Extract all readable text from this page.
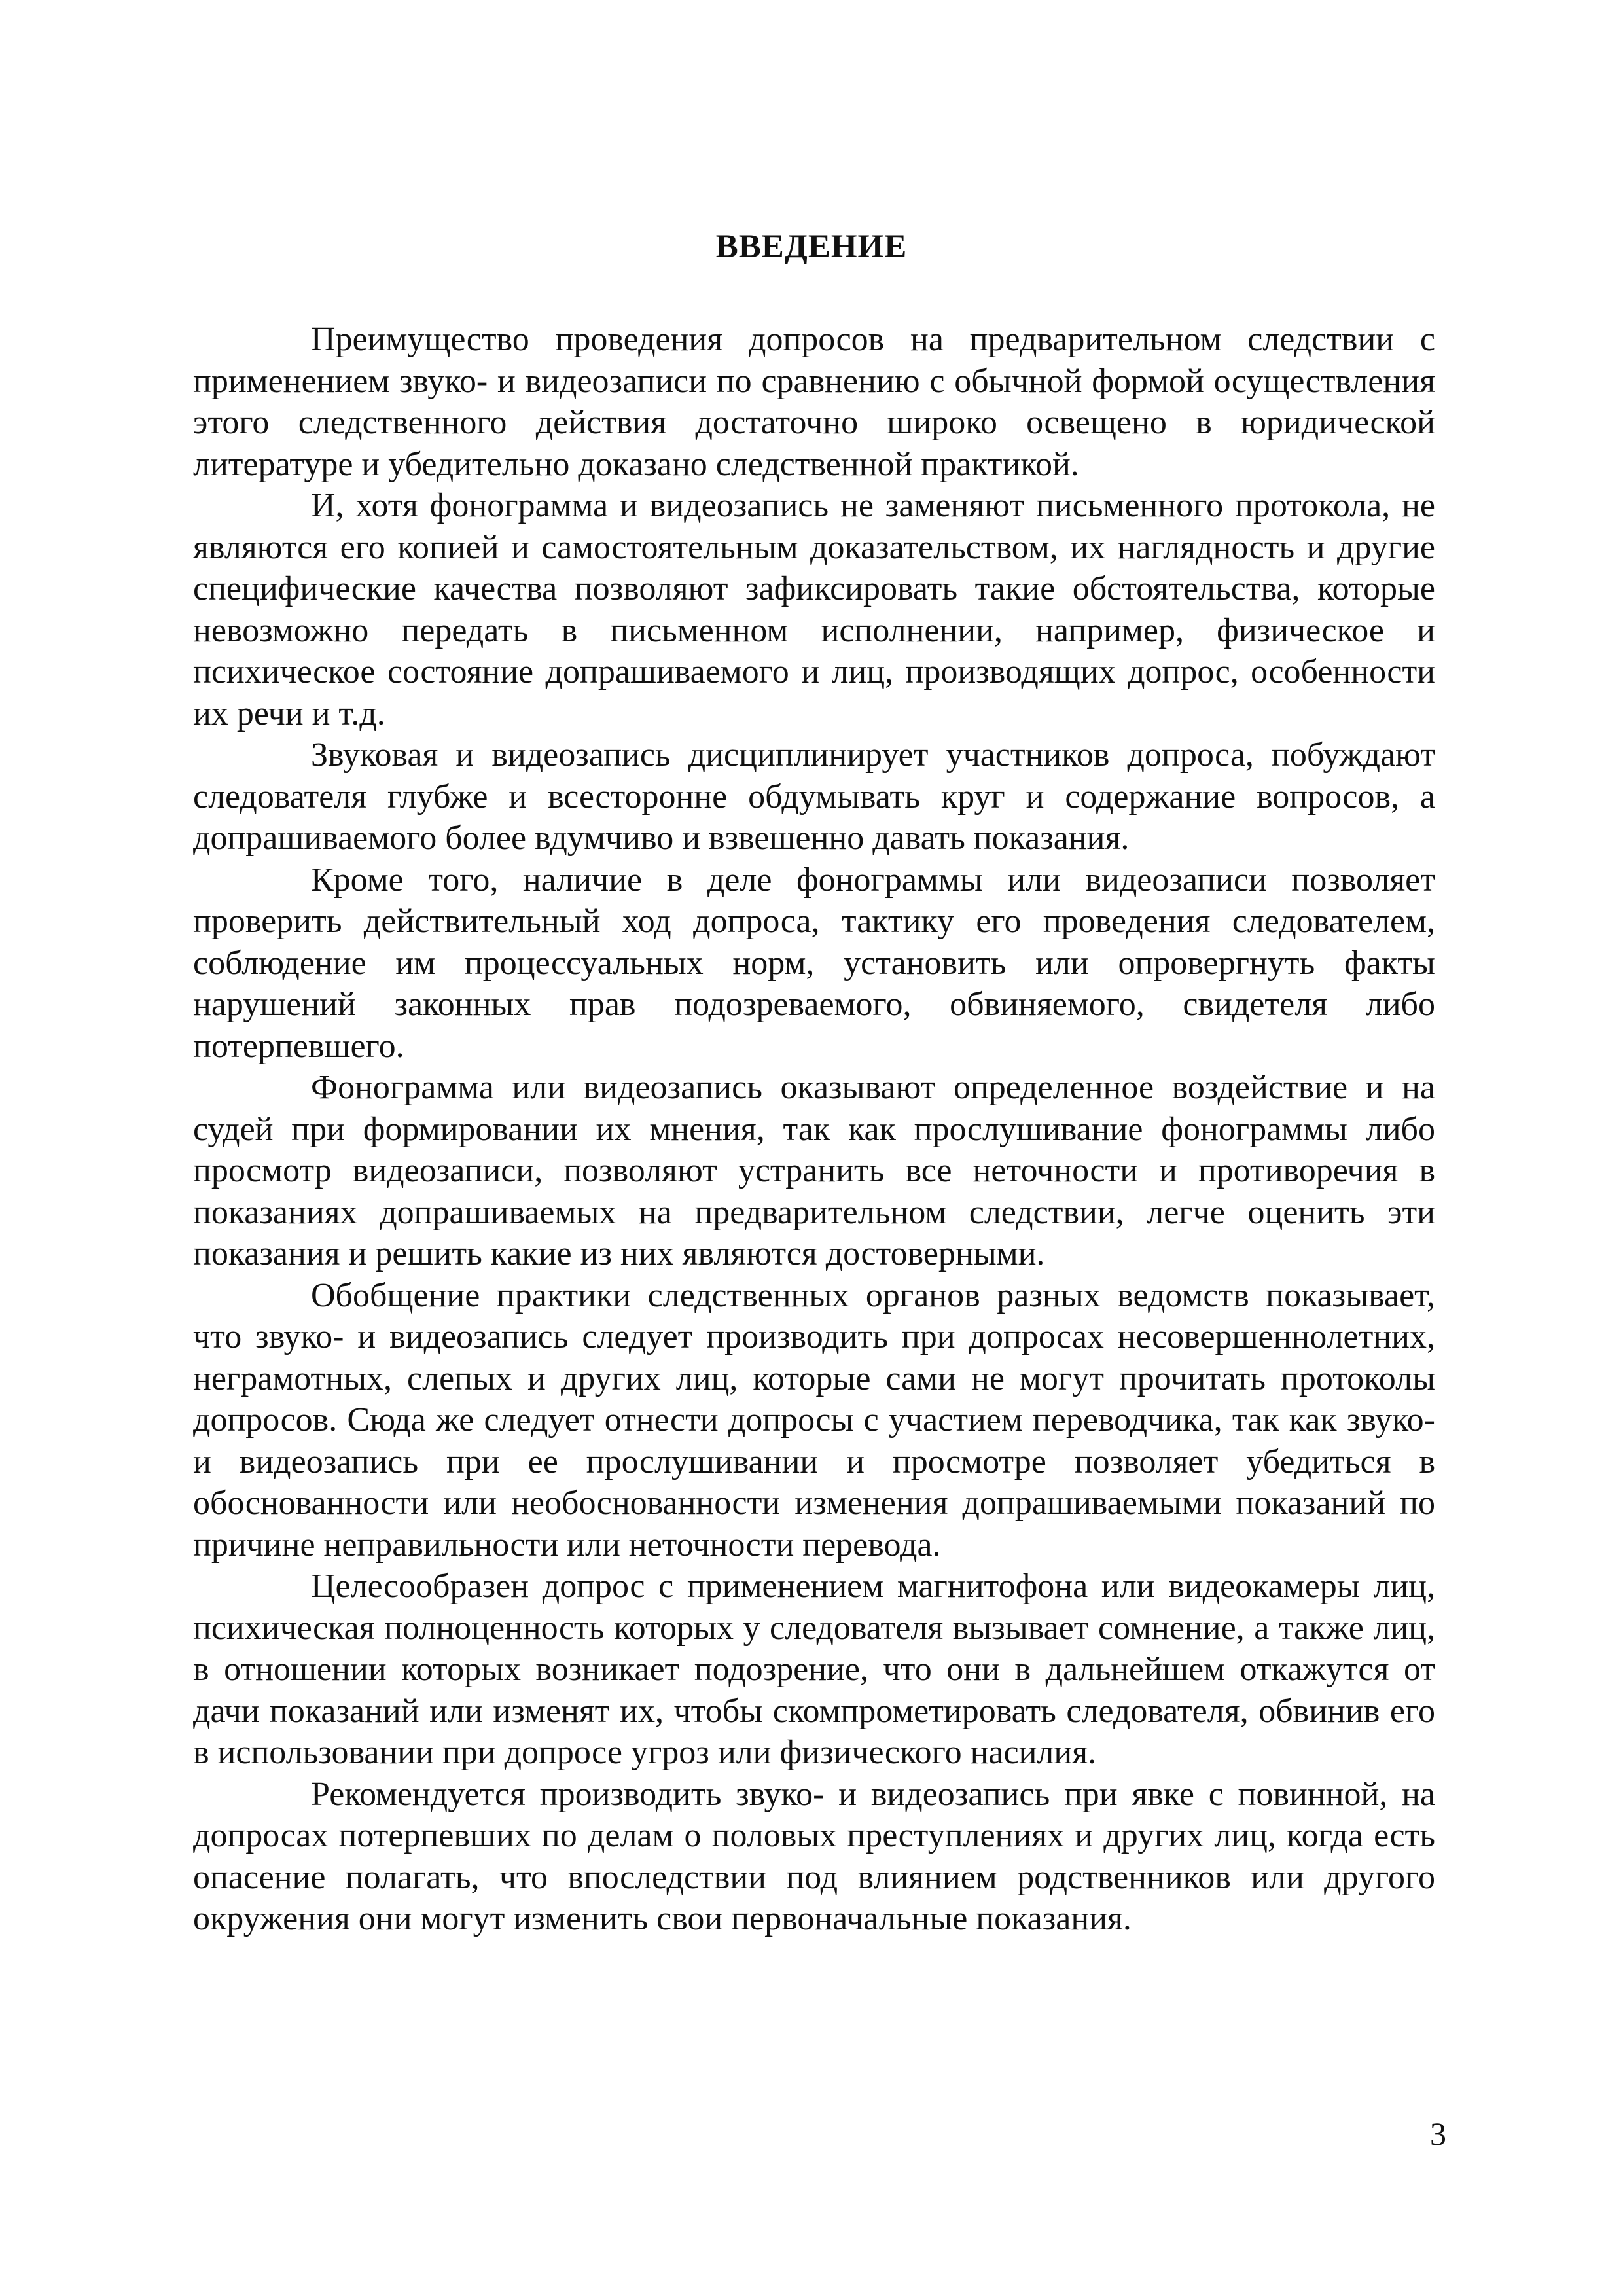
ВВЕДЕНИЕ

Преимущество проведения допросов на предварительном следствии с применением звуко- и видеозаписи по сравнению с обычной формой осуществления этого следственного действия достаточно широко освещено в юридической литературе и убедительно доказано следственной практикой.

И, хотя фонограмма и видеозапись не заменяют письменного протокола, не являются его копией и самостоятельным доказательством, их наглядность и другие специфические качества позволяют зафиксировать такие обстоятельства, которые невозможно передать в письменном исполнении, например, физическое и психическое состояние допрашиваемого и лиц, производящих допрос, особенности их речи и т.д.

Звуковая и видеозапись дисциплинирует участников допроса, побуждают следователя глубже и всесторонне обдумывать круг и содержание вопросов, а допрашиваемого более вдумчиво и взвешенно давать показания.

Кроме того, наличие в деле фонограммы или видеозаписи позволяет проверить действительный ход допроса, тактику его проведения следователем, соблюдение им процессуальных норм, установить или опровергнуть факты нарушений законных прав подозреваемого, обвиняемого, свидетеля либо потерпевшего.

Фонограмма или видеозапись оказывают определенное воздействие и на судей при формировании их мнения, так как прослушивание фонограммы либо просмотр видеозаписи, позволяют устранить все неточности и противоречия в показаниях допрашиваемых на предварительном следствии, легче оценить эти показания и решить какие из них являются достоверными.

Обобщение практики следственных органов разных ведомств показывает, что звуко- и видеозапись следует производить при допросах несовершеннолетних, неграмотных, слепых и других лиц, которые сами не могут прочитать протоколы допросов. Сюда же следует отнести допросы с участием переводчика, так как звуко- и видеозапись при ее прослушивании и просмотре позволяет убедиться в обоснованности или необоснованности изменения допрашиваемыми показаний по причине неправильности или неточности перевода.

Целесообразен допрос с применением магнитофона или видеокамеры лиц, психическая полноценность которых у следователя вызывает сомнение, а также лиц, в отношении которых возникает подозрение, что они в дальнейшем откажутся от дачи показаний или изменят их, чтобы скомпрометировать следователя, обвинив его в использовании при допросе угроз или физического насилия.

Рекомендуется производить звуко- и видеозапись при явке с повинной, на допросах потерпевших по делам о половых преступлениях и других лиц, когда есть опасение полагать, что впоследствии под влиянием родственников или другого окружения они могут изменить свои первоначальные показания.

3
